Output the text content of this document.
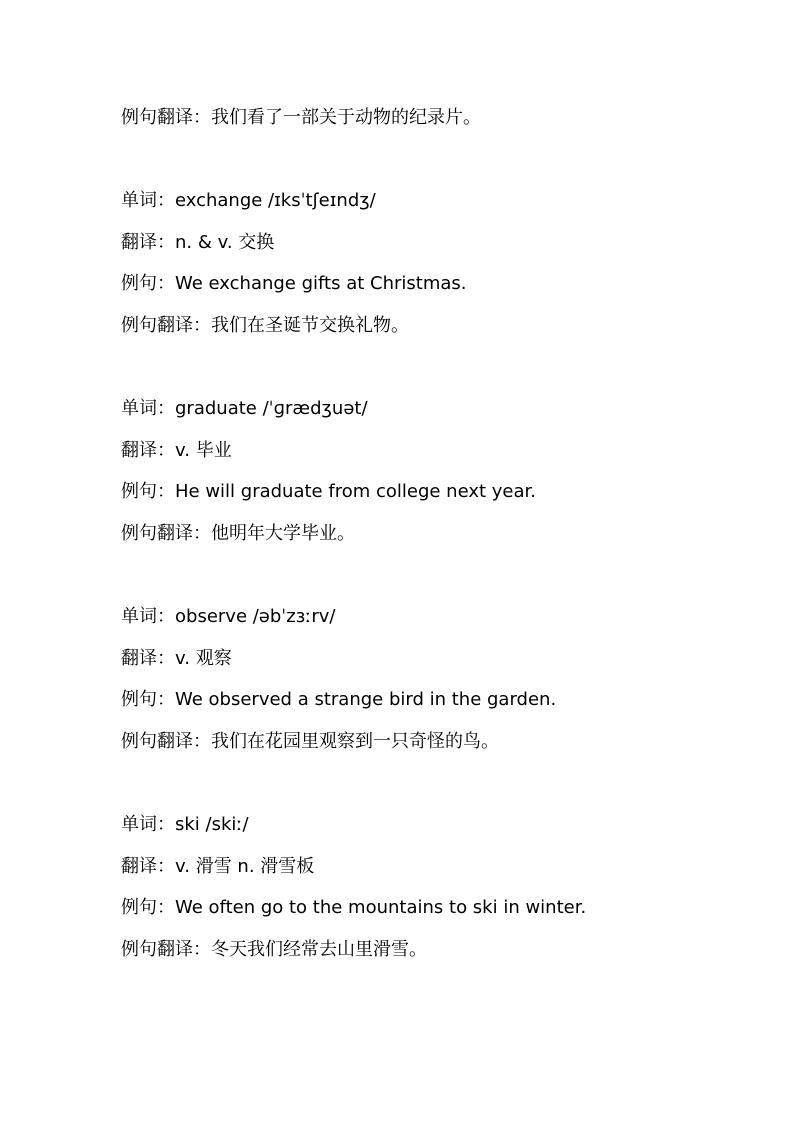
例句翻译：我们看了一部关于动物的纪录片。
单词：exchange /ɪksˈtʃeɪndʒ/
翻译：n. & v. 交换
例句：We exchange gifts at Christmas.
例句翻译：我们在圣诞节交换礼物。
单词：graduate /ˈɡrædʒuət/
翻译：v. 毕业
例句：He will graduate from college next year.
例句翻译：他明年大学毕业。
单词：observe /əbˈzɜːrv/
翻译：v. 观察
例句：We observed a strange bird in the garden.
例句翻译：我们在花园里观察到一只奇怪的鸟。
单词：ski /skiː/
翻译：v. 滑雪 n. 滑雪板
例句：We often go to the mountains to ski in winter.
例句翻译：冬天我们经常去山里滑雪。
